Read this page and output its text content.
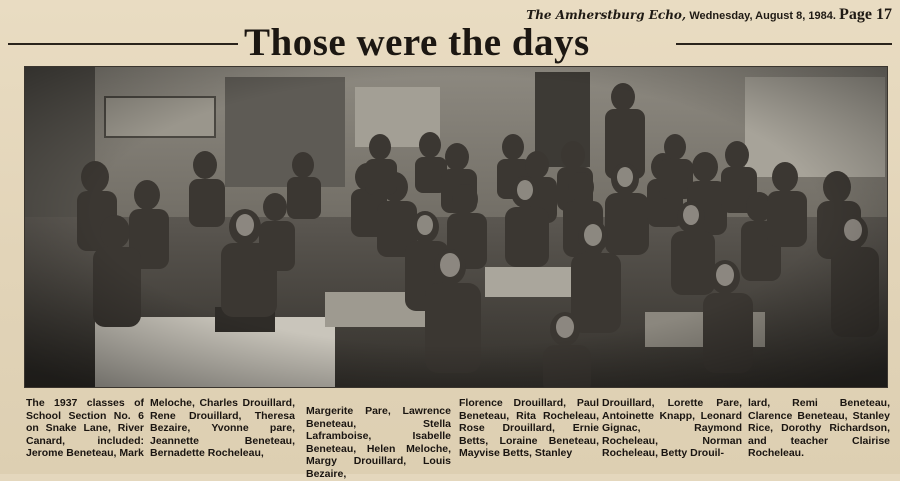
The Amherstburg Echo, Wednesday, August 8, 1984. Page 17
Those were the days
The 1937 classes of School Section No. 6 on Snake Lane, River Canard, included: Jerome Beneteau, Mark
Meloche, Charles Drouillard, Rene Drouillard, Theresa Bezaire, Yvonne pare, Jeannette Beneteau, Bernadette Rocheleau,
Margerite Pare, Lawrence Beneteau, Stella Laframboise, Isabelle Beneteau, Helen Meloche, Margy Drouillard, Louis Bezaire,
Florence Drouillard, Paul Beneteau, Rita Rocheleau, Rose Drouillard, Ernie Betts, Loraine Beneteau, Mayvise Betts, Stanley
Drouillard, Lorette Pare, Antoinette Knapp, Leonard Gignac, Raymond Rocheleau, Norman Rocheleau, Betty Drouil-
lard, Remi Beneteau, Clarence Beneteau, Stanley Rice, Dorothy Richardson, and teacher Clairise Rocheleau.
